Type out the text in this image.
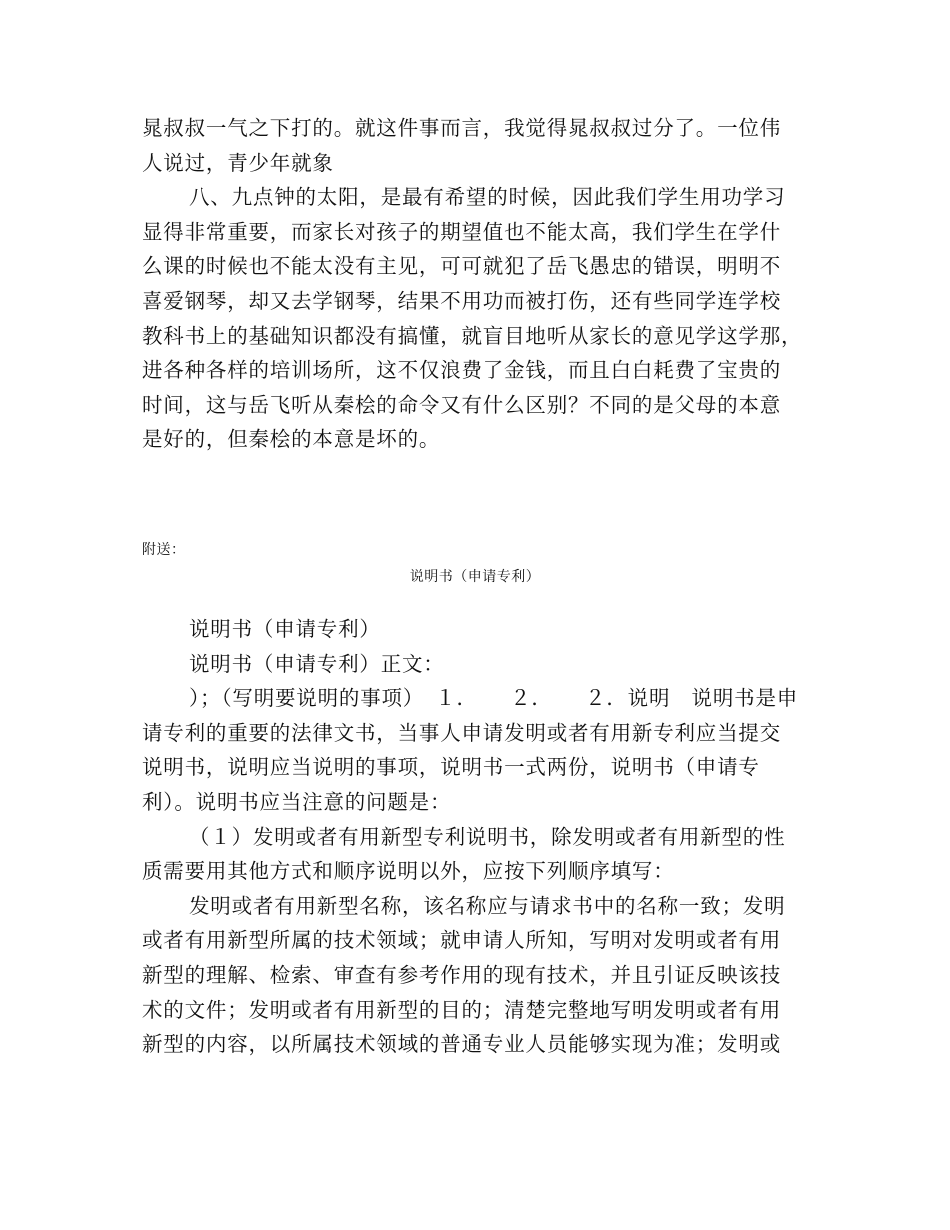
晁叔叔一气之下打的。就这件事而言，我觉得晁叔叔过分了。一位伟

人说过，青少年就象

八、九点钟的太阳，是最有希望的时候，因此我们学生用功学习

显得非常重要，而家长对孩子的期望值也不能太高，我们学生在学什

么课的时候也不能太没有主见，可可就犯了岳飞愚忠的错误，明明不

喜爱钢琴，却又去学钢琴，结果不用功而被打伤，还有些同学连学校

教科书上的基础知识都没有搞懂，就盲目地听从家长的意见学这学那，

进各种各样的培训场所，这不仅浪费了金钱，而且白白耗费了宝贵的

时间，这与岳飞听从秦桧的命令又有什么区别？不同的是父母的本意

是好的，但秦桧的本意是坏的。

附送：
说明书（申请专利）

说明书（申请专利）

说明书（申请专利）正文：

）；（写明要说明的事项）　１．　　２．　　２．说明　说明书是申

请专利的重要的法律文书，当事人申请发明或者有用新专利应当提交

说明书，说明应当说明的事项，说明书一式两份，说明书（申请专

利）。说明书应当注意的问题是：

（１）发明或者有用新型专利说明书，除发明或者有用新型的性

质需要用其他方式和顺序说明以外，应按下列顺序填写：

发明或者有用新型名称，该名称应与请求书中的名称一致；发明

或者有用新型所属的技术领域；就申请人所知，写明对发明或者有用

新型的理解、检索、审查有参考作用的现有技术，并且引证反映该技

术的文件；发明或者有用新型的目的；清楚完整地写明发明或者有用

新型的内容，以所属技术领域的普通专业人员能够实现为准；发明或
